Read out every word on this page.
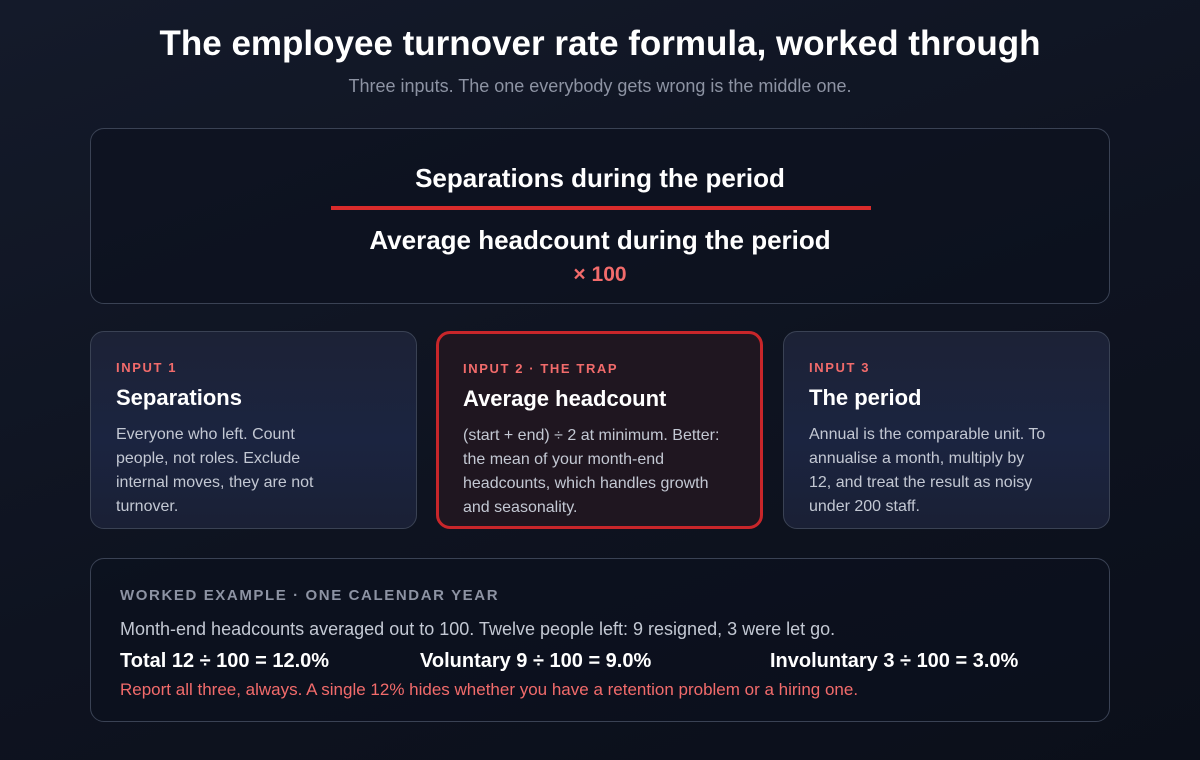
The employee turnover rate formula, worked through
Three inputs. The one everybody gets wrong is the middle one.
Separations during the period
Average headcount during the period
× 100
INPUT 1
Separations
Everyone who left. Count people, not roles. Exclude internal moves, they are not turnover.
INPUT 2 · THE TRAP
Average headcount
(start + end) ÷ 2 at minimum. Better: the mean of your month-end headcounts, which handles growth and seasonality.
INPUT 3
The period
Annual is the comparable unit. To annualise a month, multiply by 12, and treat the result as noisy under 200 staff.
WORKED EXAMPLE · ONE CALENDAR YEAR
Month-end headcounts averaged out to 100. Twelve people left: 9 resigned, 3 were let go.
Total 12 ÷ 100 = 12.0%	Voluntary 9 ÷ 100 = 9.0%	Involuntary 3 ÷ 100 = 3.0%
Report all three, always. A single 12% hides whether you have a retention problem or a hiring one.
